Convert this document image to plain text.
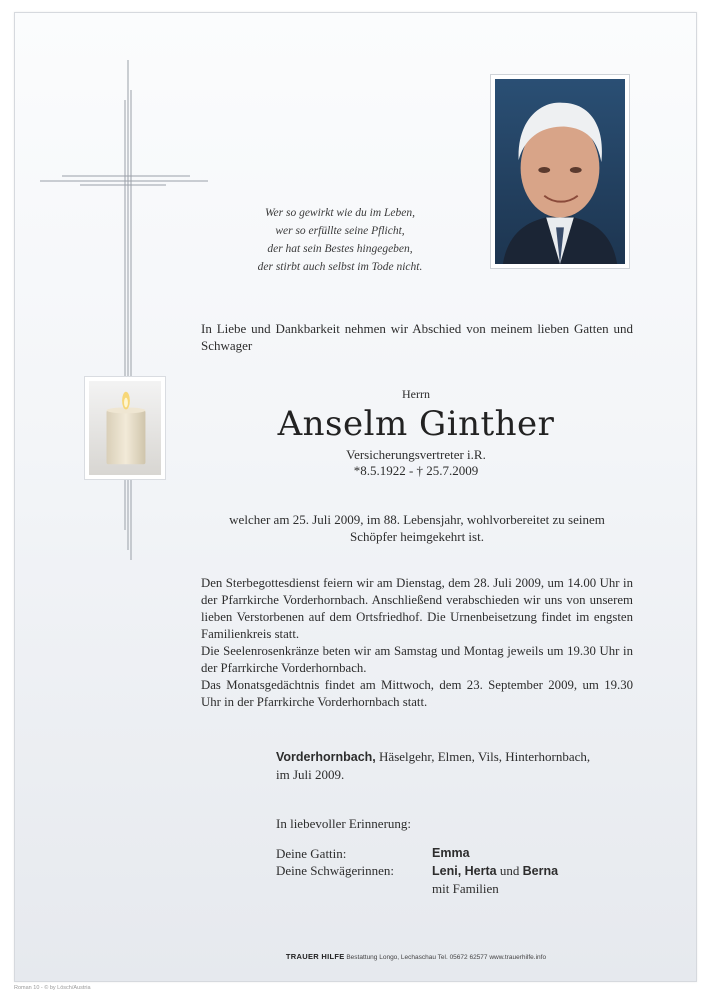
Wer so gewirkt wie du im Leben,
wer so erfüllte seine Pflicht,
der hat sein Bestes hingegeben,
der stirbt auch selbst im Tode nicht.
In Liebe und Dankbarkeit nehmen wir Abschied von meinem lieben Gatten und Schwager
Herrn
Anselm Ginther
Versicherungsvertreter i.R.
*8.5.1922 - † 25.7.2009
welcher am 25. Juli 2009, im 88. Lebensjahr, wohlvorbereitet zu seinem
Schöpfer heimgekehrt ist.
Den Sterbegottesdienst feiern wir am Dienstag, dem 28. Juli 2009, um 14.00 Uhr in der Pfarrkirche Vorderhornbach. Anschließend verabschieden wir uns von unserem lieben Verstorbenen auf dem Ortsfriedhof. Die Urnenbeisetzung findet im engsten Familienkreis statt.
Die Seelenrosenkränze beten wir am Samstag und Montag jeweils um 19.30 Uhr in der Pfarrkirche Vorderhornbach.
Das Monatsgedächtnis findet am Mittwoch, dem 23. September 2009, um 19.30 Uhr in der Pfarrkirche Vorderhornbach statt.
Vorderhornbach, Häselgehr, Elmen, Vils, Hinterhornbach,
im Juli 2009.
In liebevoller Erinnerung:
Deine Gattin:	Emma
Deine Schwägerinnen:	Leni, Herta und Berna
mit Familien
TRAUER HILFE Bestattung Longo, Lechaschau Tel. 05672 62577 www.trauerhilfe.info
Roman 10 - © by Lösch/Austria
